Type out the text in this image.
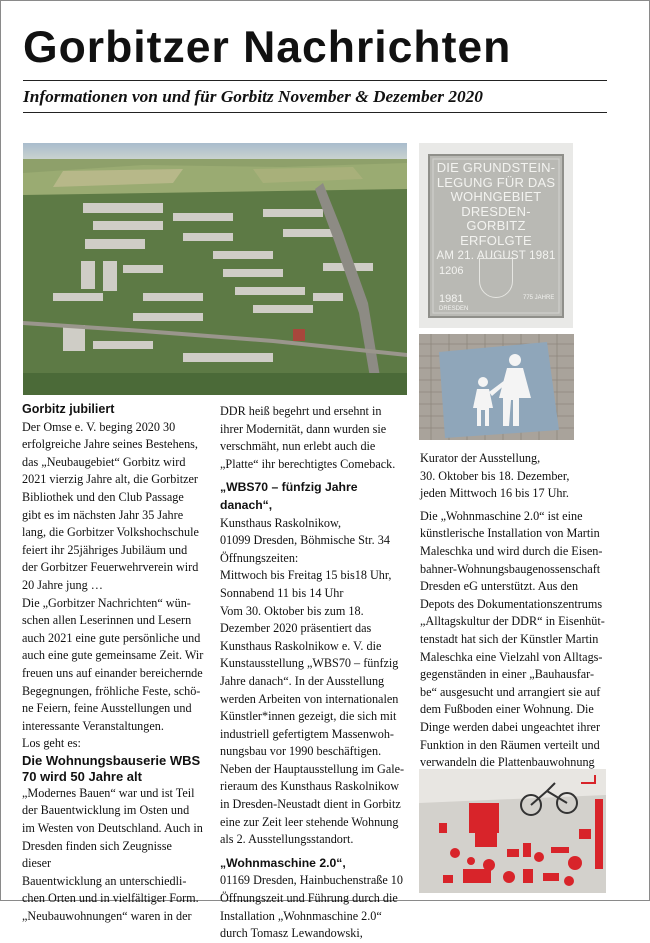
Gorbitzer Nachrichten
Informationen von und für Gorbitz November & Dezember 2020
DIE GRUNDSTEIN-
LEGUNG FÜR DAS
WOHNGEBIET
DRESDEN-GORBITZ
ERFOLGTE
AM 21. AUGUST 1981
1206
1981
DRESDEN
775 JAHRE

Gorbitz jubiliert

Der Omse e. V. beging 2020 30

erfolgreiche Jahre seines Bestehens,

das „Neubaugebiet“ Gorbitz wird

2021 vierzig Jahre alt, die Gorbitzer

Bibliothek und den Club Passage

gibt es im nächsten Jahr 35 Jahre

lang, die Gorbitzer Volkshochschule

feiert ihr 25jähriges Jubiläum und

der Gorbitzer Feuerwehrverein wird

20 Jahre jung …

Die „Gorbitzer Nachrichten“ wün-

schen allen Leserinnen und Lesern

auch 2021 eine gute persönliche und

auch eine gute gemeinsame Zeit. Wir

freuen uns auf einander bereichernde

Begegnungen, fröhliche Feste, schö-

ne Feiern, feine Ausstellungen und

interessante Veranstaltungen.

Los geht es:

Die Wohnungsbauserie WBS 70 wird 50 Jahre alt

„Modernes Bauen“ war und ist Teil

der Bauentwicklung im Osten und

im Westen von Deutschland. Auch in

Dresden finden sich Zeugnisse dieser

Bauentwicklung an unterschiedli-

chen Orten und in vielfältiger Form.

„Neubauwohnungen“ waren in der

DDR heiß begehrt und ersehnt in

ihrer Modernität, dann wurden sie

verschmäht, nun erlebt auch die

„Platte“ ihr berechtigtes Comeback.

„WBS70 – fünfzig Jahre danach“,

Kunsthaus Raskolnikow,

01099 Dresden, Böhmische Str. 34

Öffnungszeiten:

Mittwoch bis Freitag 15 bis18 Uhr,

Sonnabend 11 bis 14 Uhr

Vom 30. Oktober bis zum 18.

Dezember 2020 präsentiert das

Kunsthaus Raskolnikow e. V. die

Kunstausstellung „WBS70 – fünfzig

Jahre danach“. In der Ausstellung

werden Arbeiten von internationalen

Künstler*innen gezeigt, die sich mit

industriell gefertigtem Massenwoh-

nungsbau vor 1990 beschäftigen.

Neben der Hauptausstellung im Gale-

rieraum des Kunsthaus Raskolnikow

in Dresden-Neustadt dient in Gorbitz

eine zur Zeit leer stehende Wohnung

als 2. Ausstellungsstandort.

„Wohnmaschine 2.0“,

01169 Dresden, Hainbuchenstraße 10

Öffnungszeit und Führung durch die

Installation „Wohnmaschine 2.0“

durch Tomasz Lewandowski,

Kurator der Ausstellung,

30. Oktober bis 18. Dezember,

jeden Mittwoch 16 bis 17 Uhr.

Die „Wohnmaschine 2.0“ ist eine

künstlerische Installation von Martin

Maleschka und wird durch die Eisen-

bahner-Wohnungsbaugenossenschaft

Dresden eG unterstützt. Aus den

Depots des Dokumentationszentrums

„Alltagskultur der DDR“ in Eisenhüt-

tenstadt hat sich der Künstler Martin

Maleschka eine Vielzahl von Alltags-

gegenständen in einer „Bauhausfar-

be“ ausgesucht und arrangiert sie auf

dem Fußboden einer Wohnung. Die

Dinge werden dabei ungeachtet ihrer

Funktion in den Räumen verteilt und

verwandeln die Plattenbauwohnung
